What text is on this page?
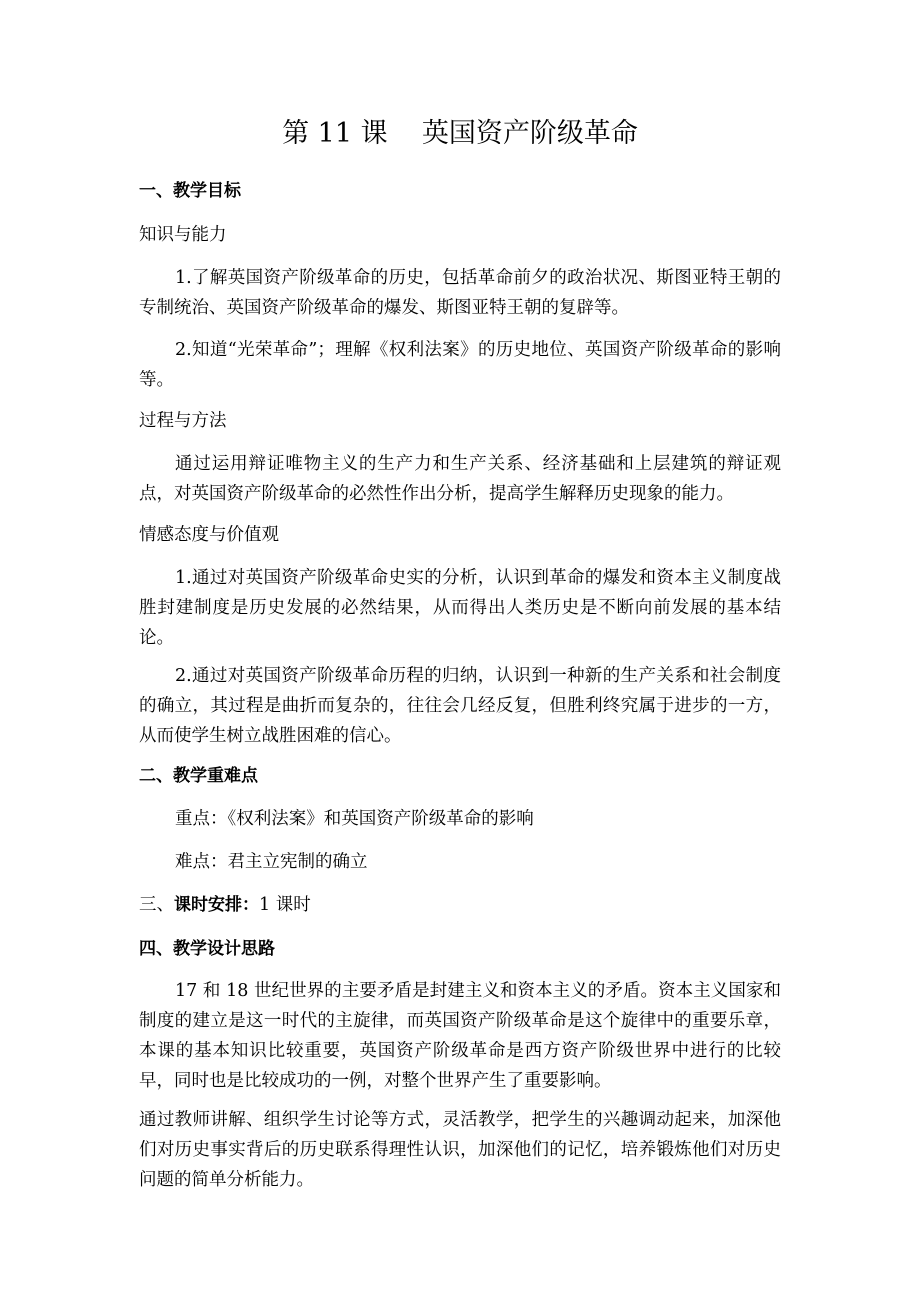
第 11 课    英国资产阶级革命
一、教学目标
知识与能力
1.了解英国资产阶级革命的历史，包括革命前夕的政治状况、斯图亚特王朝的专制统治、英国资产阶级革命的爆发、斯图亚特王朝的复辟等。
2.知道“光荣革命”；理解《权利法案》的历史地位、英国资产阶级革命的影响等。
过程与方法
通过运用辩证唯物主义的生产力和生产关系、经济基础和上层建筑的辩证观点，对英国资产阶级革命的必然性作出分析，提高学生解释历史现象的能力。
情感态度与价值观
1.通过对英国资产阶级革命史实的分析，认识到革命的爆发和资本主义制度战胜封建制度是历史发展的必然结果，从而得出人类历史是不断向前发展的基本结论。
2.通过对英国资产阶级革命历程的归纳，认识到一种新的生产关系和社会制度的确立，其过程是曲折而复杂的，往往会几经反复，但胜利终究属于进步的一方，从而使学生树立战胜困难的信心。
二、教学重难点
重点：《权利法案》和英国资产阶级革命的影响
难点：君主立宪制的确立
三、课时安排：1 课时
四、教学设计思路
17 和 18 世纪世界的主要矛盾是封建主义和资本主义的矛盾。资本主义国家和制度的建立是这一时代的主旋律，而英国资产阶级革命是这个旋律中的重要乐章，本课的基本知识比较重要，英国资产阶级革命是西方资产阶级世界中进行的比较早，同时也是比较成功的一例，对整个世界产生了重要影响。
通过教师讲解、组织学生讨论等方式，灵活教学，把学生的兴趣调动起来，加深他们对历史事实背后的历史联系得理性认识，加深他们的记忆，培养锻炼他们对历史问题的简单分析能力。
